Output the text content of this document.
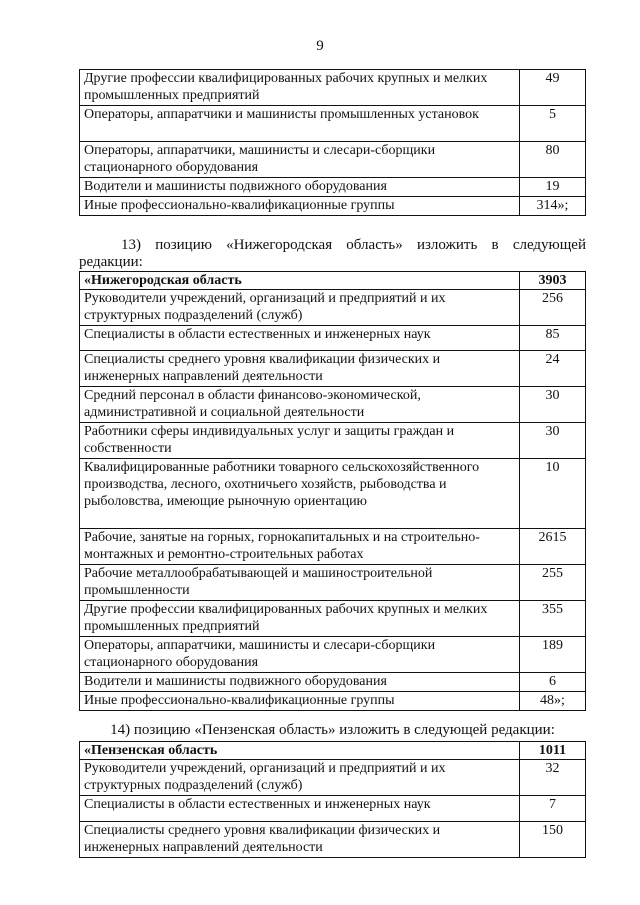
9
Другие профессии квалифицированных рабочих крупных и мелких промышленных предприятий	49
Операторы, аппаратчики и машинисты промышленных установок	5
Операторы, аппаратчики, машинисты и слесари-сборщики стационарного оборудования	80
Водители и машинисты подвижного оборудования	19
Иные профессионально-квалификационные группы	314»;

13) позицию «Нижегородская область» изложить в следующей

редакции:

«Нижегородская область	3903
Руководители учреждений, организаций и предприятий и их структурных подразделений (служб)	256
Специалисты в области естественных и инженерных наук	85
Специалисты среднего уровня квалификации физических и инженерных направлений деятельности	24
Средний персонал в области финансово-экономической, административной и социальной деятельности	30
Работники сферы индивидуальных услуг и защиты граждан и собственности	30
Квалифицированные работники товарного сельскохозяйственного производства, лесного, охотничьего хозяйств, рыбоводства и рыболовства, имеющие рыночную ориентацию	10
Рабочие, занятые на горных, горнокапитальных и на строительно-монтажных и ремонтно-строительных работах	2615
Рабочие металлообрабатывающей и машиностроительной промышленности	255
Другие профессии квалифицированных рабочих крупных и мелких промышленных предприятий	355
Операторы, аппаратчики, машинисты и слесари-сборщики стационарного оборудования	189
Водители и машинисты подвижного оборудования	6
Иные профессионально-квалификационные группы	48»;

14) позицию «Пензенская область» изложить в следующей редакции:

«Пензенская область	1011
Руководители учреждений, организаций и предприятий и их структурных подразделений (служб)	32
Специалисты в области естественных и инженерных наук	7
Специалисты среднего уровня квалификации физических и инженерных направлений деятельности	150
